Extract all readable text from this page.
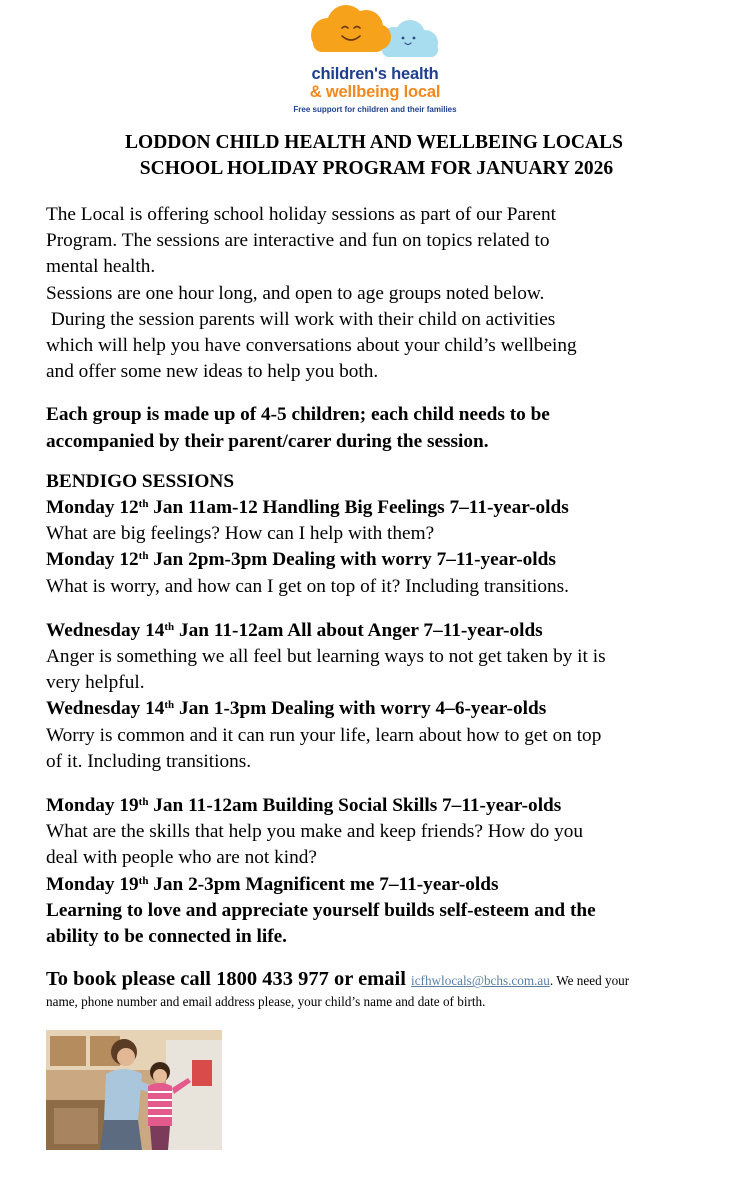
children's health
& wellbeing local
Free support for children and their families
LODDON CHILD HEALTH AND WELLBEING LOCALS
SCHOOL HOLIDAY PROGRAM FOR JANUARY 2026

The Local is offering school holiday sessions as part of our Parent

Program. The sessions are interactive and fun on topics related to

mental health.

Sessions are one hour long, and open to age groups noted below.

During the session parents will work with their child on activities

which will help you have conversations about your child’s wellbeing

and offer some new ideas to help you both.

Each group is made up of 4-5 children; each child needs to be

accompanied by their parent/carer during the session.

BENDIGO SESSIONS

Monday 12th Jan 11am-12 Handling Big Feelings 7–11-year-olds

What are big feelings? How can I help with them?

Monday 12th Jan 2pm-3pm Dealing with worry 7–11-year-olds

What is worry, and how can I get on top of it? Including transitions.

Wednesday 14th Jan 11-12am All about Anger 7–11-year-olds

Anger is something we all feel but learning ways to not get taken by it is

very helpful.

Wednesday 14th Jan 1-3pm Dealing with worry 4–6-year-olds

Worry is common and it can run your life, learn about how to get on top

of it. Including transitions.

Monday 19th Jan 11-12am Building Social Skills 7–11-year-olds

What are the skills that help you make and keep friends? How do you

deal with people who are not kind?

Monday 19th Jan 2-3pm Magnificent me 7–11-year-olds

Learning to love and appreciate yourself builds self-esteem and the

ability to be connected in life.

To book please call 1800 433 977 or email icfhwlocals@bchs.com.au. We need your

name, phone number and email address please, your child’s name and date of birth.
